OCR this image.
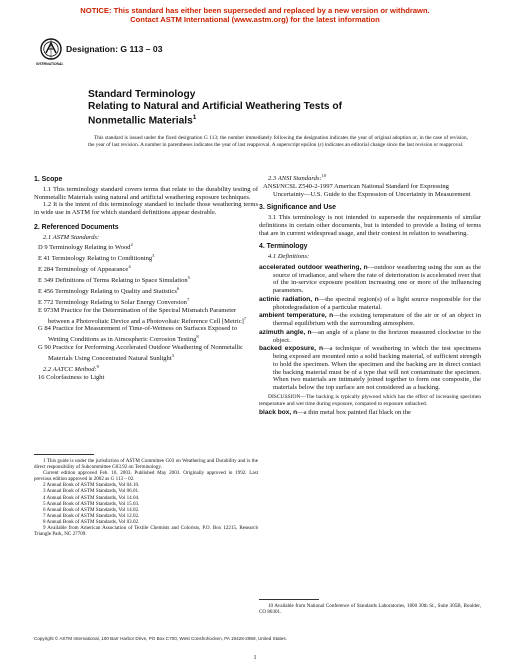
NOTICE: This standard has either been superseded and replaced by a new version or withdrawn.
Contact ASTM International (www.astm.org) for the latest information
INTERNATIONAL
Designation: G 113 – 03
Standard Terminology
Relating to Natural and Artificial Weathering Tests of
Nonmetallic Materials$^1$
This standard is issued under the fixed designation G 113; the number immediately following the designation indicates the year of original adoption or, in the case of revision, the year of last revision. A number in parentheses indicates the year of last reapproval. A superscript epsilon (ε) indicates an editorial change since the last revision or reapproval.
1. Scope

1.1 This terminology standard covers terms that relate to the durability testing of Nonmetallic Materials using natural and artificial weathering exposure techniques.

1.2 It is the intent of this terminology standard to include those weathering terms in wide use in ASTM for which standard definitions appear desirable.

2. Referenced Documents
2.1 ASTM Standards:

D 9 Terminology Relating to Wood$^2$

E 41 Terminology Relating to Conditioning$^3$

E 284 Terminology of Appearance$^4$

E 349 Definitions of Terms Relating to Space Simulation$^5$

E 456 Terminology Relating to Quality and Statistics$^6$

E 772 Terminology Relating to Solar Energy Conversion$^7$

E 973M Practice for the Determination of the Spectral Mismatch Parameter between a Photovoltaic Device and a Photovoltaic Reference Cell [Metric]$^7$

G 84 Practice for Measurement of Time-of-Wetness on Surfaces Exposed to Wetting Conditions as in Atmospheric Corrosion Testing$^8$

G 90 Practice for Performing Accelerated Outdoor Weathering of Nonmetallic Materials Using Concentrated Natural Sunlight$^3$

2.2 AATCC Method:$^9$

16 Colorfastness to Light

1 This guide is under the jurisdiction of ASTM Committee G03 on Weathering and Durability and is the direct responsibility of Subcommittee G03.92 on Terminology.

Current edition approved Feb. 10, 2003. Published May 2003. Originally approved in 1992. Last previous edition approved in 2002 as G 113 – 02.

2 Annual Book of ASTM Standards, Vol 04.10.

3 Annual Book of ASTM Standards, Vol 06.01.

4 Annual Book of ASTM Standards, Vol 14.04.

5 Annual Book of ASTM Standards, Vol 15.03.

6 Annual Book of ASTM Standards, Vol 14.02.

7 Annual Book of ASTM Standards, Vol 12.02.

8 Annual Book of ASTM Standards, Vol 03.02.

9 Available from American Association of Textile Chemists and Colorists, P.O. Box 12215, Research Triangle Park, NC 27709.

2.3 ANSI Standards:$^{10}$

ANSI/NCSL Z540-2-1997 American National Standard for Expressing Uncertainty—U.S. Guide to the Expression of Uncertainty in Measurement

3. Significance and Use

3.1 This terminology is not intended to supersede the requirements of similar definitions in certain other documents, but is intended to provide a listing of terms that are in current widespread usage, and their context in relation to weathering.

4. Terminology
4.1 Definitions:

accelerated outdoor weathering, n—outdoor weathering using the sun as the source of irradiance, and where the rate of deterioration is accelerated over that of the in-service exposure position increasing one or more of the influencing parameters.

actinic radiation, n—the spectral region(s) of a light source responsible for the photodegradation of a particular material.

ambient temperature, n—the existing temperature of the air or of an object in thermal equilibrium with the surrounding atmosphere.

azimuth angle, n—an angle of a plane to the horizon measured clockwise to the object.

backed exposure, n—a technique of weathering in which the test specimens being exposed are mounted onto a solid backing material, of sufficient strength to hold the specimen. When the specimen and the backing are in direct contact the backing material must be of a type that will not contaminate the specimen. When two materials are intimately joined together to form one composite, the materials below the top surface are not considered as a backing.

DISCUSSION—The backing is typically plywood which has the effect of increasing specimen temperature and wet time during exposure, compared to exposure unbacked.

black box, n—a thin metal box painted flat black on the

10 Available from National Conference of Standards Laboratories, 1800 30th St., Suite 305B, Boulder, CO 80301.

Copyright © ASTM International, 100 Barr Harbor Drive, PO Box C700, West Conshohocken, PA 19428-2959, United States.
1
